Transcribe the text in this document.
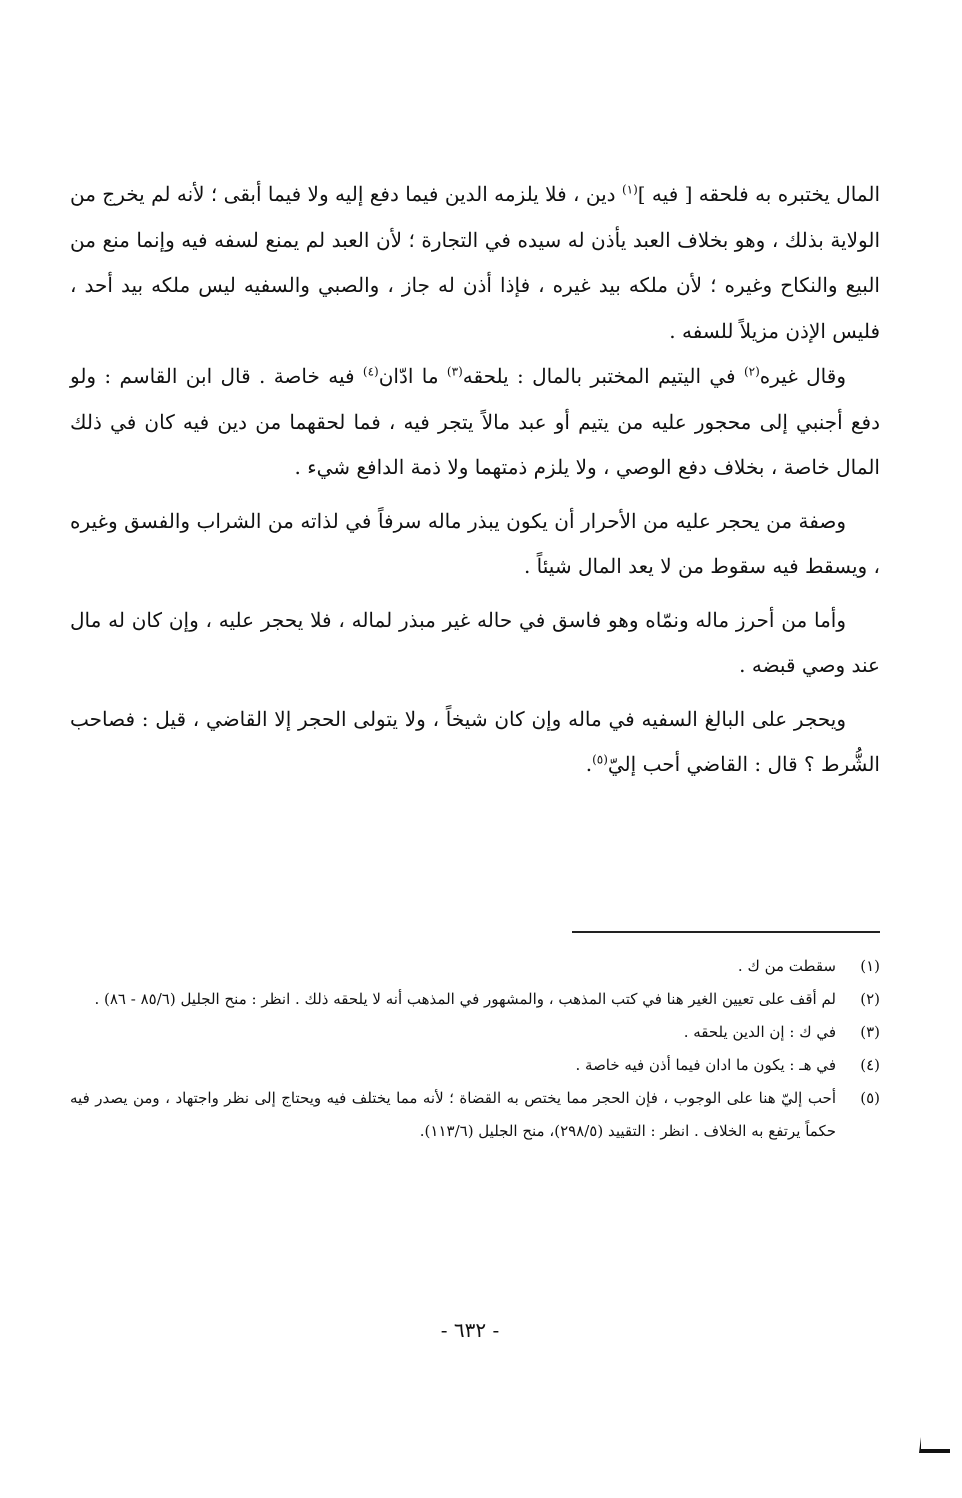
المال يختبره به فلحقه [ فيه ]$^{(١)}$ دين ، فلا يلزمه الدين فيما دفع إليه ولا فيما أبقى ؛ لأنه لم يخرج من الولاية بذلك ، وهو بخلاف العبد يأذن له سيده في التجارة ؛ لأن العبد لم يمنع لسفه فيه وإنما منع من البيع والنكاح وغيره ؛ لأن ملكه بيد غيره ، فإذا أذن له جاز ، والصبي والسفيه ليس ملكه بيد أحد ، فليس الإذن مزيلاً للسفه .

وقال غيره$^{(٢)}$ في اليتيم المختبر بالمال : يلحقه$^{(٣)}$ ما ادّان$^{(٤)}$ فيه خاصة . قال ابن القاسم : ولو دفع أجنبي إلى محجور عليه من يتيم أو عبد مالاً يتجر فيه ، فما لحقهما من دين فيه كان في ذلك المال خاصة ، بخلاف دفع الوصي ، ولا يلزم ذمتهما ولا ذمة الدافع شيء .

وصفة من يحجر عليه من الأحرار أن يكون يبذر ماله سرفاً في لذاته من الشراب والفسق وغيره ، ويسقط فيه سقوط من لا يعد المال شيئاً .

وأما من أحرز ماله ونمّاه وهو فاسق في حاله غير مبذر لماله ، فلا يحجر عليه ، وإن كان له مال عند وصي قبضه .

ويحجر على البالغ السفيه في ماله وإن كان شيخاً ، ولا يتولى الحجر إلا القاضي ، قيل : فصاحب الشُّرط ؟ قال : القاضي أحب إليّ$^{(٥)}$.

(١)
سقطت من ك .
(٢)
لم أقف على تعيين الغير هنا في كتب المذهب ، والمشهور في المذهب أنه لا يلحقه ذلك . انظر : منح الجليل (٨٥/٦ - ٨٦) .
(٣)
في ك : إن الدين يلحقه .
(٤)
في هـ : يكون ما ادان فيما أذن فيه خاصة .
(٥)
أحب إليّ هنا على الوجوب ، فإن الحجر مما يختص به القضاة ؛ لأنه مما يختلف فيه ويحتاج إلى نظر واجتهاد ، ومن يصدر فيه حكماً يرتفع به الخلاف . انظر : التقييد (٢٩٨/٥)، منح الجليل (١١٣/٦).
- ٦٣٢ -
